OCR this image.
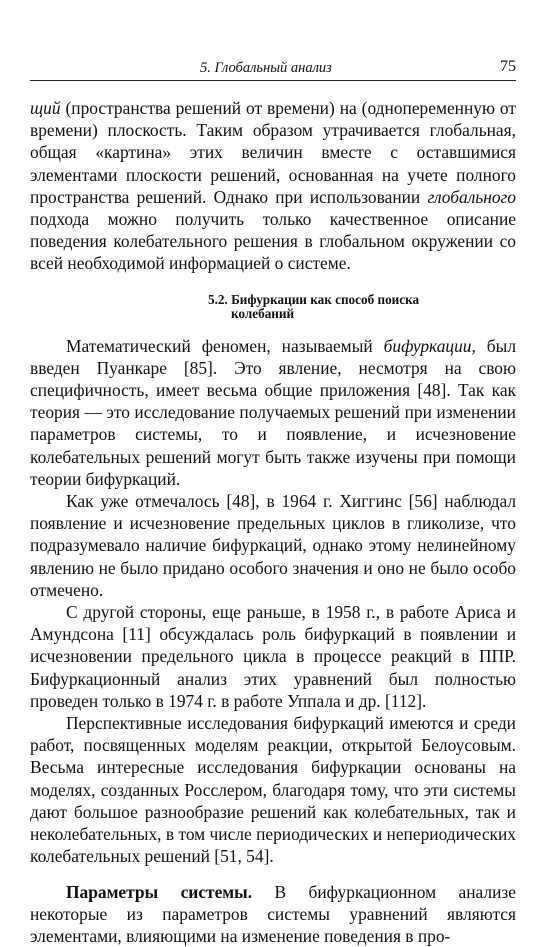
5. Глобальный анализ	75

щий (пространства решений от времени) на (однопеременную от времени) плоскость. Таким образом утрачивается глобальная, общая «картина» этих величин вместе с оставшимися элементами плоскости решений, основанная на учете полного пространства решений. Однако при использовании глобального подхода можно получить только качественное описание поведения колебательного решения в глобальном окружении со всей необходимой информацией о системе.

5.2. Бифуркации как способ поиска
колебаний

Математический феномен, называемый бифуркации, был введен Пуанкаре [85]. Это явление, несмотря на свою специфичность, имеет весьма общие приложения [48]. Так как теория — это исследование получаемых решений при изменении параметров системы, то и появление, и исчезновение колебательных решений могут быть также изучены при помощи теории бифуркаций.

Как уже отмечалось [48], в 1964 г. Хиггинс [56] наблюдал появление и исчезновение предельных циклов в гликолизе, что подразумевало наличие бифуркаций, однако этому нелинейному явлению не было придано особого значения и оно не было особо отмечено.

С другой стороны, еще раньше, в 1958 г., в работе Ариса и Амундсона [11] обсуждалась роль бифуркаций в появлении и исчезновении предельного цикла в процессе реакций в ППР. Бифуркационный анализ этих уравнений был полностью проведен только в 1974 г. в работе Уппала и др. [112].

Перспективные исследования бифуркаций имеются и среди работ, посвященных моделям реакции, открытой Белоусовым. Весьма интересные исследования бифуркации основаны на моделях, созданных Росслером, благодаря тому, что эти системы дают большое разнообразие решений как колебательных, так и неколебательных, в том числе периодических и непериодических колебательных решений [51, 54].

Параметры системы. В бифуркационном анализе некоторые из параметров системы уравнений являются элементами, влияющими на изменение поведения в про-
